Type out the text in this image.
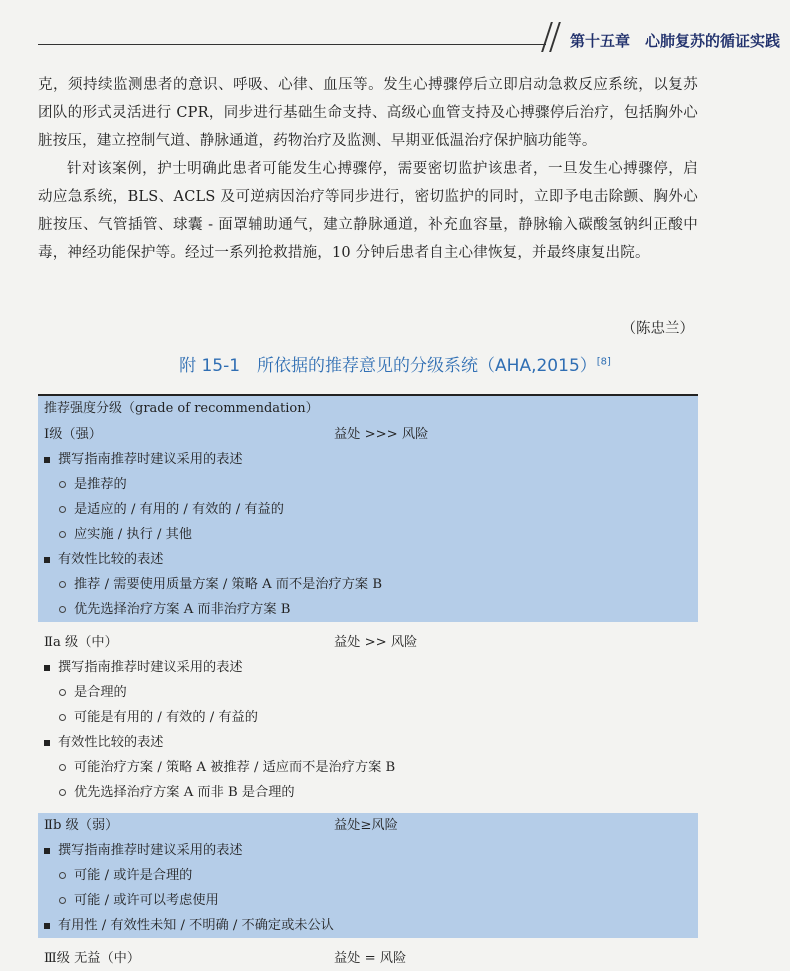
第十五章　心肺复苏的循证实践

克，须持续监测患者的意识、呼吸、心律、血压等。发生心搏骤停后立即启动急救反应系统，以复苏团队的形式灵活进行 CPR，同步进行基础生命支持、高级心血管支持及心搏骤停后治疗，包括胸外心脏按压，建立控制气道、静脉通道，药物治疗及监测、早期亚低温治疗保护脑功能等。

针对该案例，护士明确此患者可能发生心搏骤停，需要密切监护该患者，一旦发生心搏骤停，启动应急系统，BLS、ACLS 及可逆病因治疗等同步进行，密切监护的同时，立即予电击除颤、胸外心脏按压、气管插管、球囊 - 面罩辅助通气，建立静脉通道，补充血容量，静脉输入碳酸氢钠纠正酸中毒，神经功能保护等。经过一系列抢救措施，10 分钟后患者自主心律恢复，并最终康复出院。

（陈忠兰）
附 15-1　所依据的推荐意见的分级系统（AHA,2015）[8]
推荐强度分级（grade of recommendation）
Ⅰ级（强）	益处 >>> 风险
撰写指南推荐时建议采用的表述
是推荐的
是适应的 / 有用的 / 有效的 / 有益的
应实施 / 执行 / 其他
有效性比较的表述
推荐 / 需要使用质量方案 / 策略 A 而不是治疗方案 B
优先选择治疗方案 A 而非治疗方案 B
Ⅱa 级（中）	益处 >> 风险
撰写指南推荐时建议采用的表述
是合理的
可能是有用的 / 有效的 / 有益的
有效性比较的表述
可能治疗方案 / 策略 A 被推荐 / 适应而不是治疗方案 B
优先选择治疗方案 A 而非 B 是合理的
Ⅱb 级（弱）	益处≥风险
撰写指南推荐时建议采用的表述
可能 / 或许是合理的
可能 / 或许可以考虑使用
有用性 / 有效性未知 / 不明确 / 不确定或未公认
Ⅲ级 无益（中）	益处 = 风险
